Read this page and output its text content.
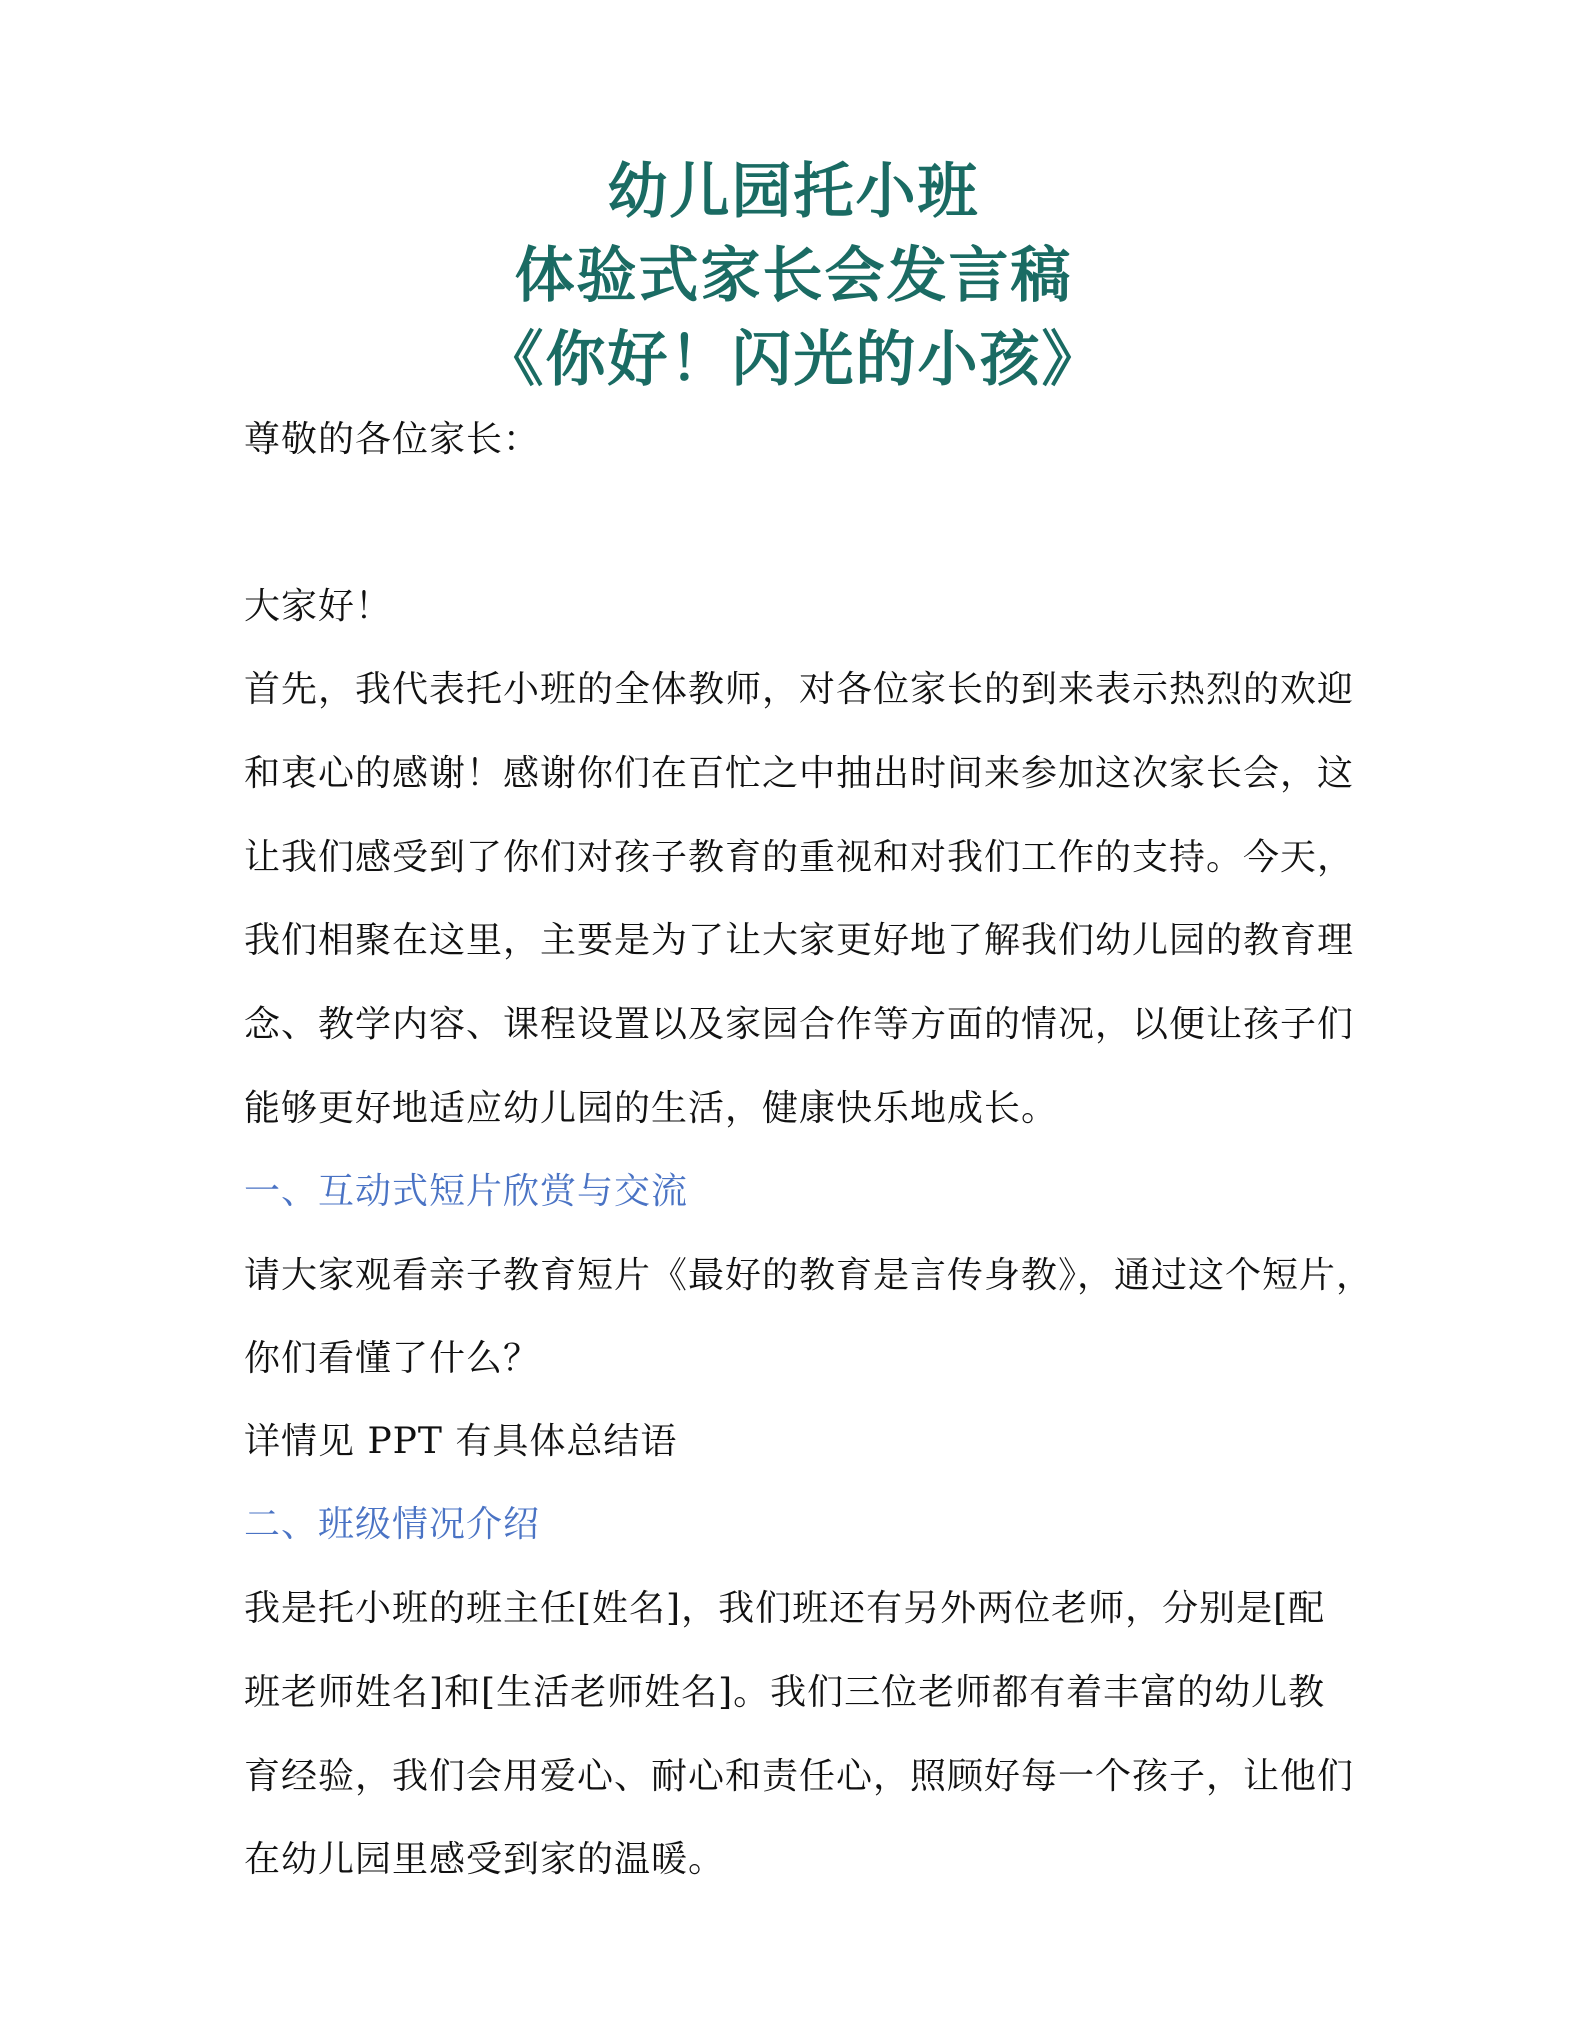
幼儿园托小班
体验式家长会发言稿
《你好！闪光的小孩》
尊敬的各位家长：
大家好！
首先，我代表托小班的全体教师，对各位家长的到来表示热烈的欢迎
和衷心的感谢！感谢你们在百忙之中抽出时间来参加这次家长会，这
让我们感受到了你们对孩子教育的重视和对我们工作的支持。今天，
我们相聚在这里，主要是为了让大家更好地了解我们幼儿园的教育理
念、教学内容、课程设置以及家园合作等方面的情况，以便让孩子们
能够更好地适应幼儿园的生活，健康快乐地成长。
一、互动式短片欣赏与交流
请大家观看亲子教育短片《最好的教育是言传身教》，通过这个短片，
你们看懂了什么？
详情见 PPT 有具体总结语
二、班级情况介绍
我是托小班的班主任[姓名]，我们班还有另外两位老师，分别是[配
班老师姓名]和[生活老师姓名]。我们三位老师都有着丰富的幼儿教
育经验，我们会用爱心、耐心和责任心，照顾好每一个孩子，让他们
在幼儿园里感受到家的温暖。
